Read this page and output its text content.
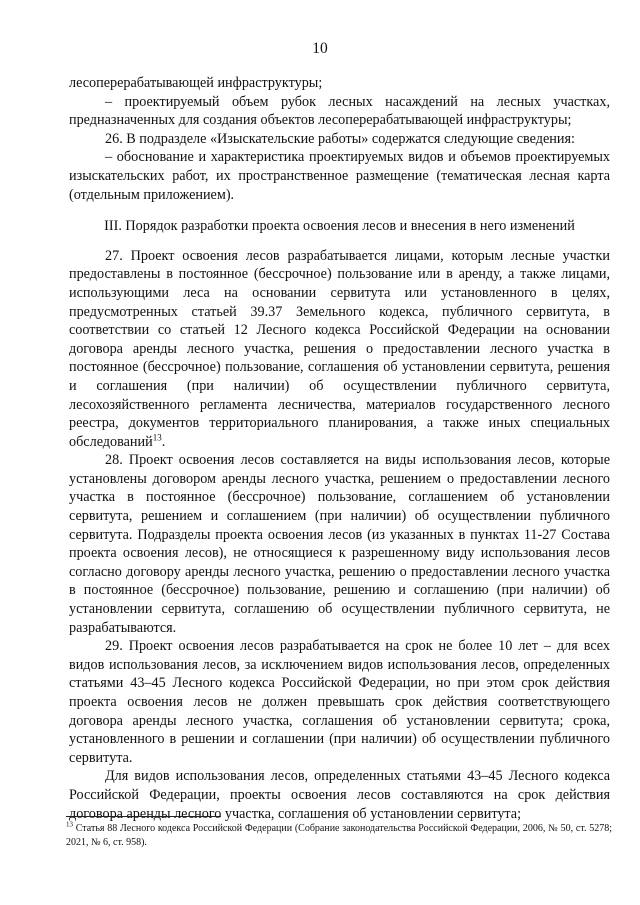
10

лесоперерабатывающей инфраструктуры;

– проектируемый объем рубок лесных насаждений на лесных участках, предназначенных для создания объектов лесоперерабатывающей инфраструктуры;

26. В подразделе «Изыскательские работы» содержатся следующие сведения:

– обоснование и характеристика проектируемых видов и объемов проектируемых изыскательских работ, их пространственное размещение (тематическая лесная карта (отдельным приложением).

III. Порядок разработки проекта освоения лесов и внесения в него изменений

27. Проект освоения лесов разрабатывается лицами, которым лесные участки предоставлены в постоянное (бессрочное) пользование или в аренду, а также лицами, использующими леса на основании сервитута или установленного в целях, предусмотренных статьей 39.37 Земельного кодекса, публичного сервитута, в соответствии со статьей 12 Лесного кодекса Российской Федерации на основании договора аренды лесного участка, решения о предоставлении лесного участка в постоянное (бессрочное) пользование, соглашения об установлении сервитута, решения и соглашения (при наличии) об осуществлении публичного сервитута, лесохозяйственного регламента лесничества, материалов государственного лесного реестра, документов территориального планирования, а также иных специальных обследований$^{13}$.

28. Проект освоения лесов составляется на виды использования лесов, которые установлены договором аренды лесного участка, решением о предоставлении лесного участка в постоянное (бессрочное) пользование, соглашением об установлении сервитута, решением и соглашением (при наличии) об осуществлении публичного сервитута. Подразделы проекта освоения лесов (из указанных в пунктах 11-27 Состава проекта освоения лесов), не относящиеся к разрешенному виду использования лесов согласно договору аренды лесного участка, решению о предоставлении лесного участка в постоянное (бессрочное) пользование, решению и соглашению (при наличии) об установлении сервитута, соглашению об осуществлении публичного сервитута, не разрабатываются.

29. Проект освоения лесов разрабатывается на срок не более 10 лет – для всех видов использования лесов, за исключением видов использования лесов, определенных статьями 43–45 Лесного кодекса Российской Федерации, но при этом срок действия проекта освоения лесов не должен превышать срок действия соответствующего договора аренды лесного участка, соглашения об установлении сервитута; срока, установленного в решении и соглашении (при наличии) об осуществлении публичного сервитута.

Для видов использования лесов, определенных статьями 43–45 Лесного кодекса Российской Федерации, проекты освоения лесов составляются на срок действия договора аренды лесного участка, соглашения об установлении сервитута;

$^{13}$ Статья 88 Лесного кодекса Российской Федерации (Собрание законодательства Российской Федерации, 2006, № 50, ст. 5278; 2021, № 6, ст. 958).
